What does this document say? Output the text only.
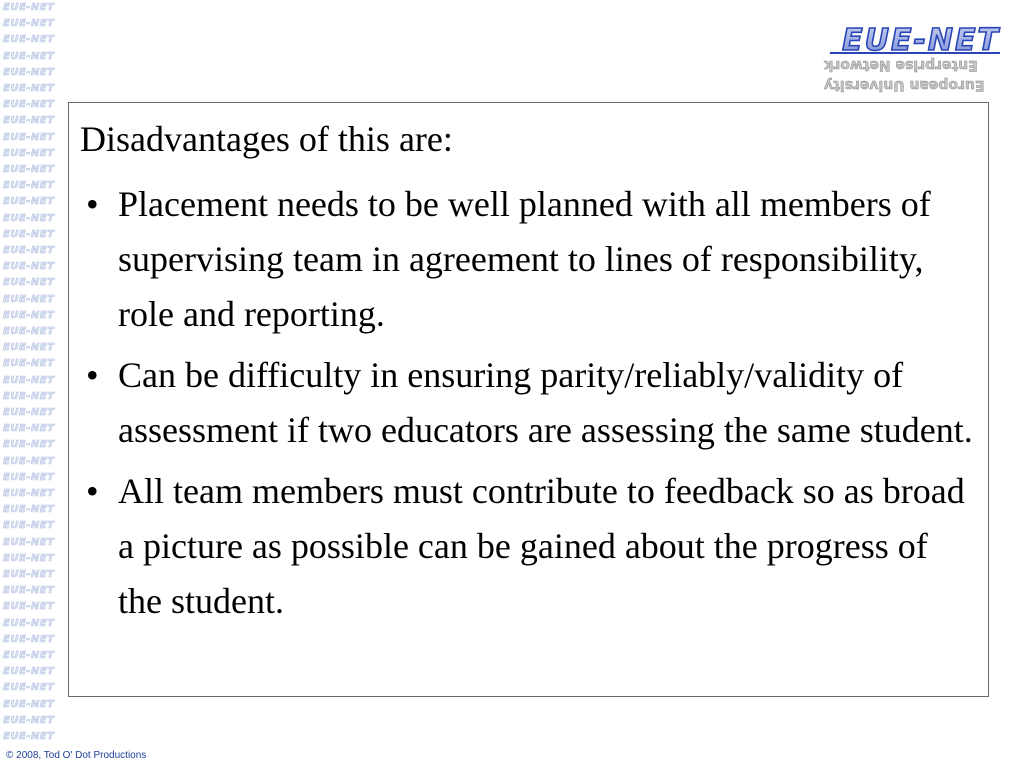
EUE-NET
EUE-NET
EUE-NET
EUE-NET
EUE-NET
EUE-NET
EUE-NET
EUE-NET
EUE-NET
EUE-NET
EUE-NET
EUE-NET
EUE-NET
EUE-NET
EUE-NET
EUE-NET
EUE-NET
EUE-NET
EUE-NET
EUE-NET
EUE-NET
EUE-NET
EUE-NET
EUE-NET
EUE-NET
EUE-NET
EUE-NET
EUE-NET
EUE-NET
EUE-NET
EUE-NET
EUE-NET
EUE-NET
EUE-NET
EUE-NET
EUE-NET
EUE-NET
EUE-NET
EUE-NET
EUE-NET
EUE-NET
EUE-NET
EUE-NET
EUE-NET
EUE-NET
EUE-NET
EUE-NET
Enterprise Network
European University
Disadvantages of this are:
• Placement needs to be well planned with all members of supervising team in agreement to lines of responsibility, role and reporting.
• Can be difficulty in ensuring parity/reliably/validity of assessment if two educators are assessing the same student.
• All team members must contribute to feedback so as broad a picture as possible can be gained about the progress of the student.
© 2008, Tod O' Dot Productions
